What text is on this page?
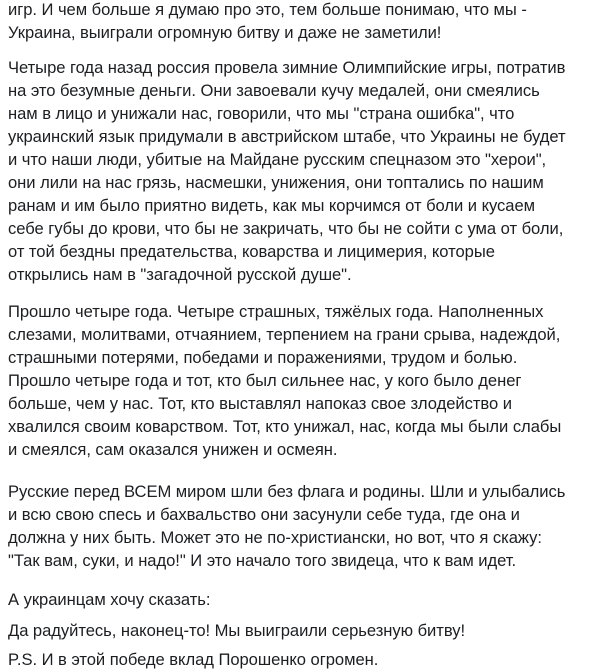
игр. И чем больше я думаю про это, тем больше понимаю, что мы -
Украина, выиграли огромную битву и даже не заметили!

Четыре года назад россия провела зимние Олимпийские игры, потратив
на это безумные деньги. Они завоевали кучу медалей, они смеялись
нам в лицо и унижали нас, говорили, что мы "страна ошибка", что
украинский язык придумали в австрийском штабе, что Украины не будет
и что наши люди, убитые на Майдане русским спецназом это "херои",
они лили на нас грязь, насмешки, унижения, они топтались по нашим
ранам и им было приятно видеть, как мы корчимся от боли и кусаем
себе губы до крови, что бы не закричать, что бы не сойти с ума от боли,
от той бездны предательства, коварства и лицимерия, которые
открылись нам в "загадочной русской душе".

Прошло четыре года. Четыре страшных, тяжёлых года. Наполненных
слезами, молитвами, отчаянием, терпением на грани срыва, надеждой,
страшными потерями, победами и поражениями, трудом и болью.
Прошло четыре года и тот, кто был сильнее нас, у кого было денег
больше, чем у нас. Тот, кто выставлял напоказ свое злодейство и
хвалился своим коварством. Тот, кто унижал, нас, когда мы были слабы
и смеялся, сам оказался унижен и осмеян.

Русские перед ВСЕМ миром шли без флага и родины. Шли и улыбались
и всю свою спесь и бахвальство они засунули себе туда, где она и
должна у них быть. Может это не по-христиански, но вот, что я скажу:
"Так вам, суки, и надо!" И это начало того звидеца, что к вам идет.

А украинцам хочу сказать:

Да радуйтесь, наконец-то! Мы выиграили серьезную битву!

P.S. И в этой победе вклад Порошенко огромен.
